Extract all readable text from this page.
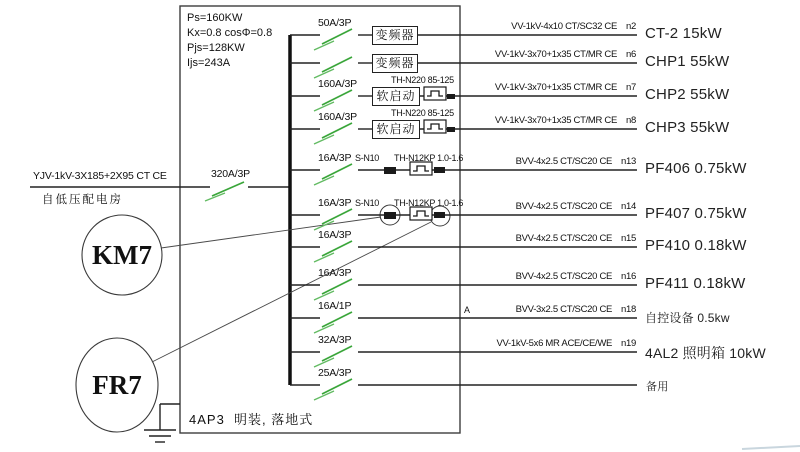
Ps=160KW
Kx=0.8 cosΦ=0.8
Pjs=128KW
Ijs=243A
YJV-1kV-3X185+2X95 CT CE
自低压配电房
320A/3P
KM7
FR7
4AP3  明装, 落地式
50A/3P
变频器
VV-1kV-4x10 CT/SC32 CE n2 CT-2 15kW
变频器
VV-1kV-3x70+1x35 CT/MR CE n6 CHP1 55kW
160A/3P
软启动
TH-N220 85-125
VV-1kV-3x70+1x35 CT/MR CE n7 CHP2 55kW
160A/3P
软启动
TH-N220 85-125
VV-1kV-3x70+1x35 CT/MR CE n8 CHP3 55kW
16A/3P	TH-N12KP 1.0-1.6
S-N10	BVV-4x2.5 CT/SC20 CE n13 PF406 0.75kW
16A/3P	TH-N12KP 1.0-1.6
S-N10	BVV-4x2.5 CT/SC20 CE n14 PF407 0.75kW
16A/3P	BVV-4x2.5 CT/SC20 CE n15 PF410 0.18kW
16A/3P	BVV-4x2.5 CT/SC20 CE n16 PF411 0.18kW
16A/1P	A	BVV-3x2.5 CT/SC20 CE n18
自控设备 0.5kw
32A/3P	VV-1kV-5x6 MR ACE/CE/WE n19
4AL2 照明箱 10kW
25A/3P
备用
